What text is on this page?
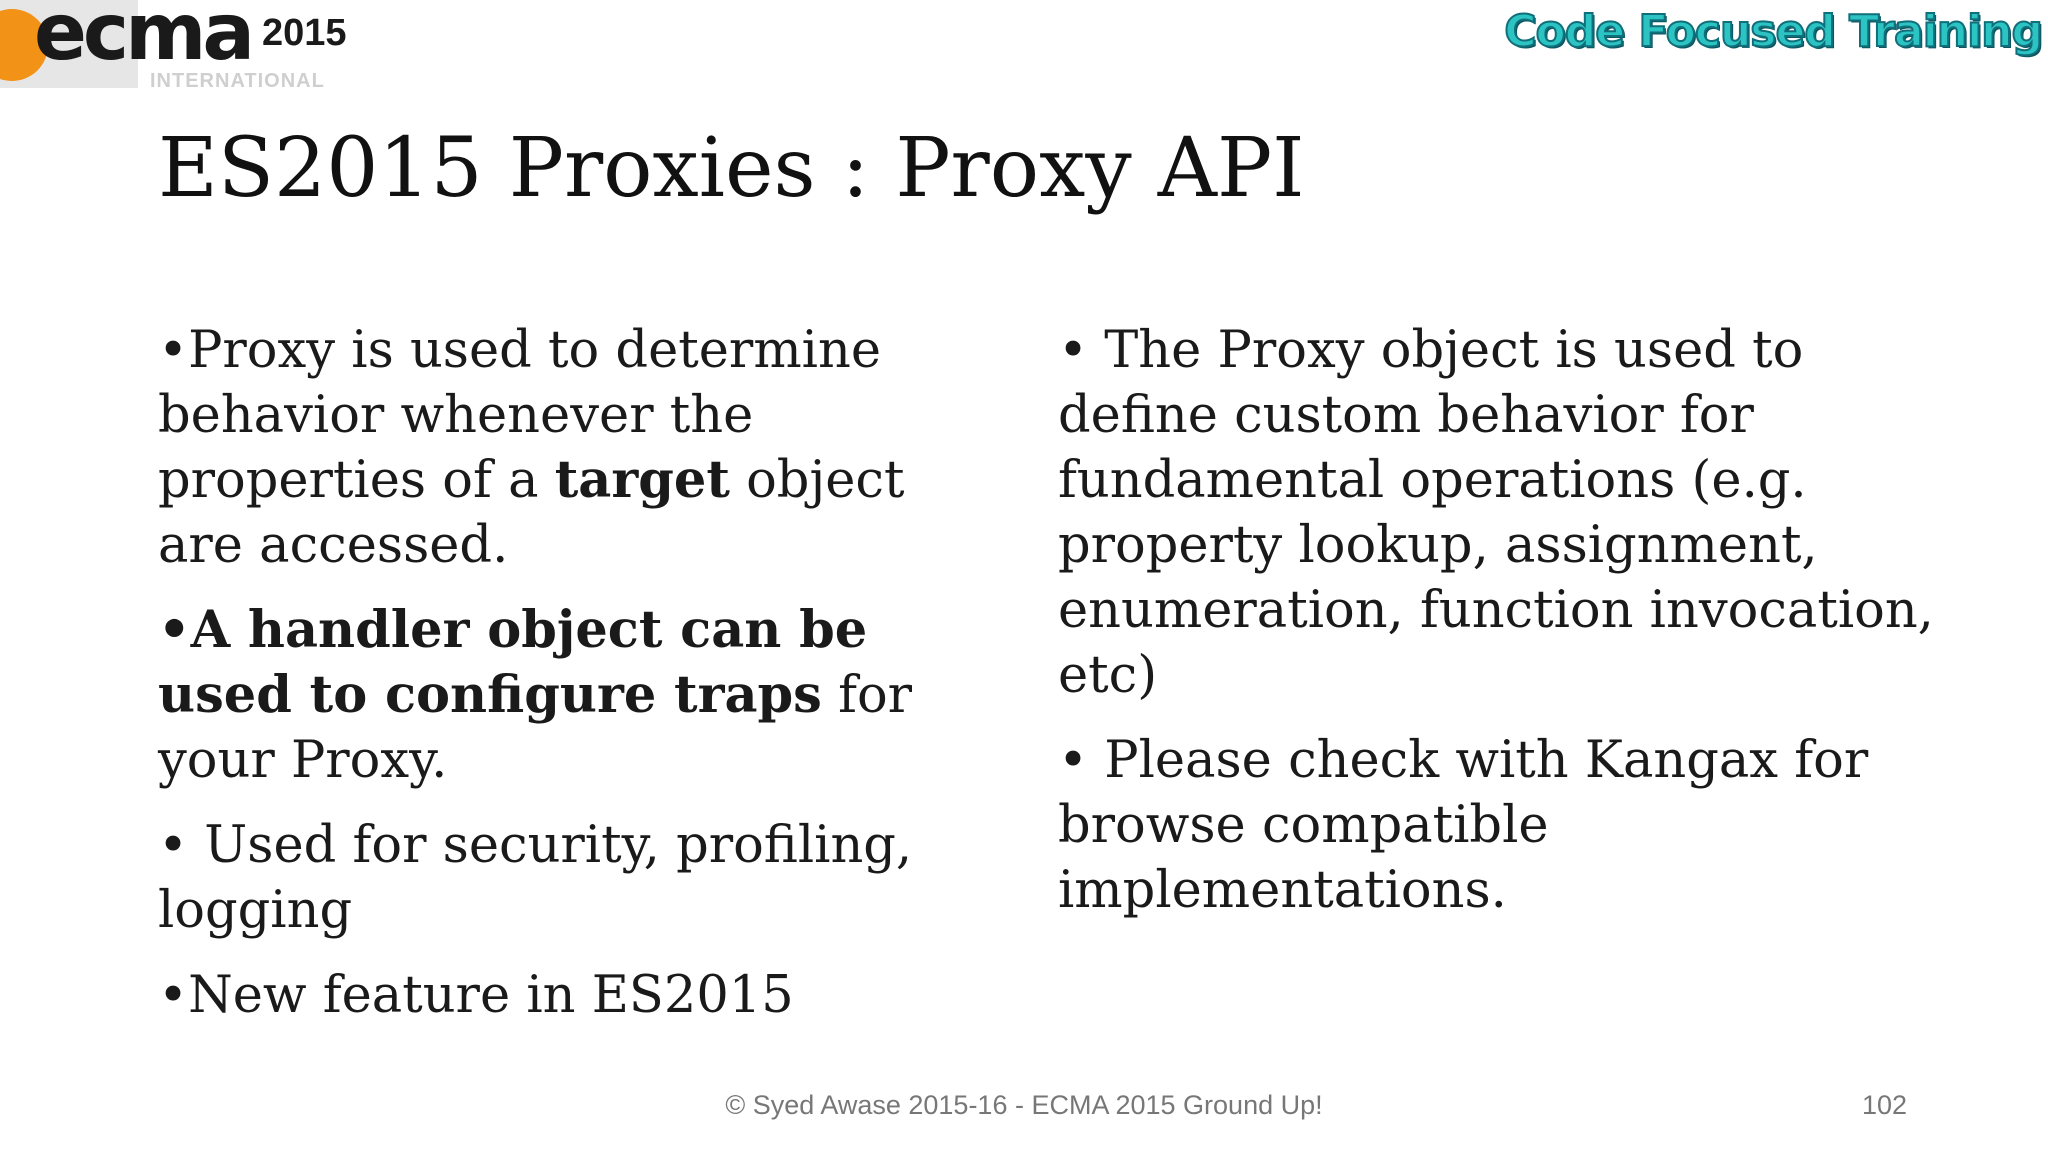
ecma 2015
INTERNATIONAL
Code Focused Training
ES2015 Proxies : Proxy API

•Proxy is used to determine behavior whenever the properties of a target object are accessed.

•A handler object can be used to configure traps for your Proxy.

• Used for security, profiling, logging

•New feature in ES2015

• The Proxy object is used to define custom behavior for fundamental operations (e.g. property lookup, assignment, enumeration, function invocation, etc)

• Please check with Kangax for browse compatible implementations.

© Syed Awase 2015-16 - ECMA 2015 Ground Up!	102
